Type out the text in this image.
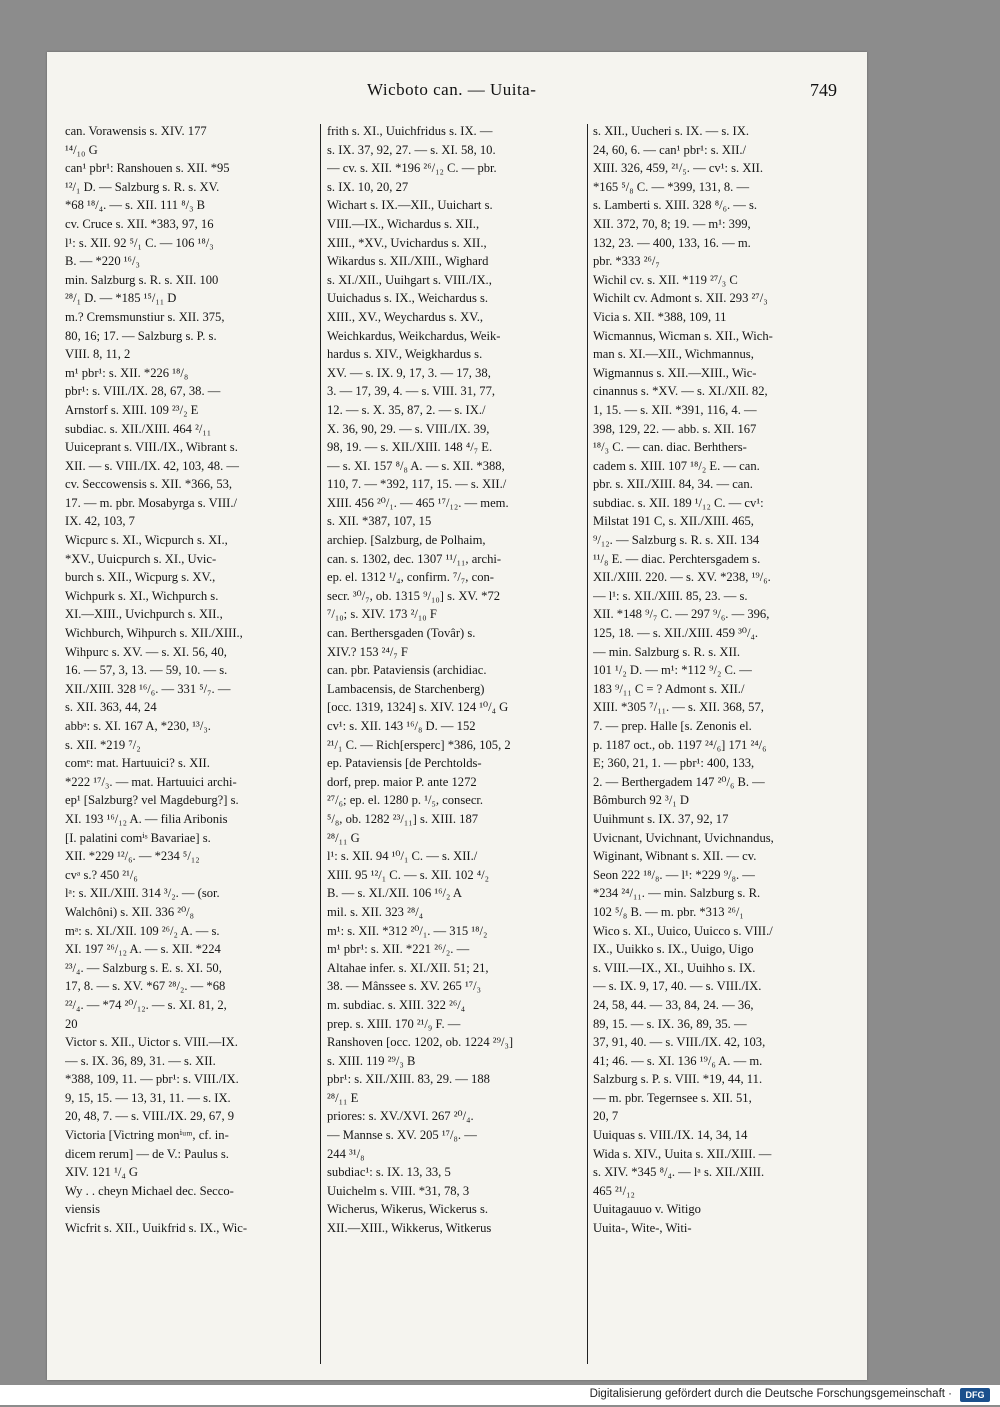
Wicboto can. — Uuita-	749
can. Vorawensis s. XIV. 177
¹⁴/₁₀ G
can¹ pbr¹: Ranshouen s. XII. *95
¹²/₁ D. — Salzburg s. R. s. XV.
*68 ¹⁸/₄. — s. XII. 111 ⁸/₃ B
cv. Cruce s. XII. *383, 97, 16
l¹: s. XII. 92 ⁵/₁ C. — 106 ¹⁸/₃
B. — *220 ¹⁶/₃
min. Salzburg s. R. s. XII. 100
²⁸/₁ D. — *185 ¹⁵/₁₁ D
m.? Cremsmunstiur s. XII. 375,
80, 16; 17. — Salzburg s. P. s.
VIII. 8, 11, 2
m¹ pbr¹: s. XII. *226 ¹⁸/₈
pbr¹: s. VIII./IX. 28, 67, 38. —
Arnstorf s. XIII. 109 ²³/₂ E
subdiac. s. XII./XIII. 464 ²/₁₁
Uuiceprant s. VIII./IX., Wibrant s.
XII. — s. VIII./IX. 42, 103, 48. —
cv. Seccowensis s. XII. *366, 53,
17. — m. pbr. Mosabyrga s. VIII./
IX. 42, 103, 7
Wicpurc s. XI., Wicpurch s. XI.,
*XV., Uuicpurch s. XI., Uvic-
burch s. XII., Wicpurg s. XV.,
Wichpurk s. XI., Wichpurch s.
XI.—XIII., Uvichpurch s. XII.,
Wichburch, Wihpurch s. XII./XIII.,
Wihpurc s. XV. — s. XI. 56, 40,
16. — 57, 3, 13. — 59, 10. — s.
XII./XIII. 328 ¹⁶/₆. — 331 ⁵/₇. —
s. XII. 363, 44, 24
abbᵃ: s. XI. 167 A, *230, ¹³/₃.
s. XII. *219 ⁷/₂
comᵉ: mat. Hartuuici? s. XII.
*222 ¹⁷/₃. — mat. Hartuuici archi-
ep¹ [Salzburg? vel Magdeburg?] s.
XI. 193 ¹⁶/₁₂ A. — filia Aribonis
[I. palatini comⁱˢ Bavariae] s.
XII. *229 ¹²/₆. — *234 ⁵/₁₂
cvᵃ s.? 450 ²¹/₆
lᵃ: s. XII./XIII. 314 ³/₂. — (sor.
Walchôni) s. XII. 336 ²⁰/₈
mᵃ: s. XI./XII. 109 ²⁶/₂ A. — s.
XI. 197 ²⁶/₁₂ A. — s. XII. *224
²³/₄. — Salzburg s. E. s. XI. 50,
17, 8. — s. XV. *67 ²⁸/₂. — *68
²²/₄. — *74 ²⁰/₁₂. — s. XI. 81, 2,
20
Victor s. XII., Uictor s. VIII.—IX.
— s. IX. 36, 89, 31. — s. XII.
*388, 109, 11. — pbr¹: s. VIII./IX.
9, 15, 15. — 13, 31, 11. — s. IX.
20, 48, 7. — s. VIII./IX. 29, 67, 9
Victoria [Victring monⁱᵘᵐ, cf. in-
dicem rerum] — de V.: Paulus s.
XIV. 121 ¹/₄ G
Wy . . cheyn Michael dec. Secco-
viensis
Wicfrit s. XII., Uuikfrid s. IX., Wic-
frith s. XI., Uuichfridus s. IX. —
s. IX. 37, 92, 27. — s. XI. 58, 10.
— cv. s. XII. *196 ²⁶/₁₂ C. — pbr.
s. IX. 10, 20, 27
Wichart s. IX.—XII., Uuichart s.
VIII.—IX., Wichardus s. XII.,
XIII., *XV., Uvichardus s. XII.,
Wikardus s. XII./XIII., Wighard
s. XI./XII., Uuihgart s. VIII./IX.,
Uuichadus s. IX., Weichardus s.
XIII., XV., Weychardus s. XV.,
Weichkardus, Weikchardus, Weik-
hardus s. XIV., Weigkhardus s.
XV. — s. IX. 9, 17, 3. — 17, 38,
3. — 17, 39, 4. — s. VIII. 31, 77,
12. — s. X. 35, 87, 2. — s. IX./
X. 36, 90, 29. — s. VIII./IX. 39,
98, 19. — s. XII./XIII. 148 ⁴/₇ E.
— s. XI. 157 ⁸/₈ A. — s. XII. *388,
110, 7. — *392, 117, 15. — s. XII./
XIII. 456 ²⁰/₁. — 465 ¹⁷/₁₂. — mem.
s. XII. *387, 107, 15
archiep. [Salzburg, de Polhaim,
can. s. 1302, dec. 1307 ¹¹/₁₁, archi-
ep. el. 1312 ¹/₄, confirm. ⁷/₇, con-
secr. ³⁰/₇, ob. 1315 ⁹/₁₀] s. XV. *72
⁷/₁₀; s. XIV. 173 ²/₁₀ F
can. Berthersgaden (Tovâr) s.
XIV.? 153 ²⁴/₇ F
can. pbr. Pataviensis (archidiac.
Lambacensis, de Starchenberg)
[occ. 1319, 1324] s. XIV. 124 ¹⁰/₄ G
cv¹: s. XII. 143 ¹⁶/₈ D. — 152
²¹/₁ C. — Rich[ersperc] *386, 105, 2
ep. Pataviensis [de Perchtolds-
dorf, prep. maior P. ante 1272
²⁷/₆; ep. el. 1280 p. ¹/₅, consecr.
⁵/₈, ob. 1282 ²³/₁₁] s. XIII. 187
²⁸/₁₁ G
l¹: s. XII. 94 ¹⁰/₁ C. — s. XII./
XIII. 95 ¹²/₁ C. — s. XII. 102 ⁴/₂
B. — s. XI./XII. 106 ¹⁶/₂ A
mil. s. XII. 323 ²⁸/₄
m¹: s. XII. *312 ²⁰/₁. — 315 ¹⁸/₂
m¹ pbr¹: s. XII. *221 ²⁶/₂. —
Altahae infer. s. XI./XII. 51; 21,
38. — Mânssee s. XV. 265 ¹⁷/₃
m. subdiac. s. XIII. 322 ²⁶/₄
prep. s. XIII. 170 ²¹/₉ F. —
Ranshoven [occ. 1202, ob. 1224 ²⁹/₃]
s. XIII. 119 ²⁹/₃ B
pbr¹: s. XII./XIII. 83, 29. — 188
²⁸/₁₁ E
priores: s. XV./XVI. 267 ²⁰/₄.
— Mannse s. XV. 205 ¹⁷/₈. —
244 ³¹/₈
subdiac¹: s. IX. 13, 33, 5
Uuichelm s. VIII. *31, 78, 3
Wicherus, Wikerus, Wickerus s.
XII.—XIII., Wikkerus, Witkerus
s. XII., Uucheri s. IX. — s. IX.
24, 60, 6. — can¹ pbr¹: s. XII./
XIII. 326, 459, ²¹/₅. — cv¹: s. XII.
*165 ⁵/₈ C. — *399, 131, 8. —
s. Lamberti s. XIII. 328 ⁸/₆. — s.
XII. 372, 70, 8; 19. — m¹: 399,
132, 23. — 400, 133, 16. — m.
pbr. *333 ²⁶/₇
Wichil cv. s. XII. *119 ²⁷/₃ C
Wichilt cv. Admont s. XII. 293 ²⁷/₃
Vicia s. XII. *388, 109, 11
Wicmannus, Wicman s. XII., Wich-
man s. XI.—XII., Wichmannus,
Wigmannus s. XII.—XIII., Wic-
cinannus s. *XV. — s. XI./XII. 82,
1, 15. — s. XII. *391, 116, 4. —
398, 129, 22. — abb. s. XII. 167
¹⁸/₃ C. — can. diac. Berhthers-
cadem s. XIII. 107 ¹⁸/₂ E. — can.
pbr. s. XII./XIII. 84, 34. — can.
subdiac. s. XII. 189 ¹/₁₂ C. — cv¹:
Milstat 191 C, s. XII./XIII. 465,
⁹/₁₂. — Salzburg s. R. s. XII. 134
¹¹/₈ E. — diac. Perchtersgadem s.
XII./XIII. 220. — s. XV. *238, ¹⁹/₆.
— l¹: s. XII./XIII. 85, 23. — s.
XII. *148 ⁹/₇ C. — 297 ⁹/₆. — 396,
125, 18. — s. XII./XIII. 459 ³⁰/₄.
— min. Salzburg s. R. s. XII.
101 ¹/₂ D. — m¹: *112 ⁹/₂ C. —
183 ⁹/₁₁ C = ? Admont s. XII./
XIII. *305 ⁷/₁₁. — s. XII. 368, 57,
7. — prep. Halle [s. Zenonis el.
p. 1187 oct., ob. 1197 ²⁴/₆] 171 ²⁴/₆
E; 360, 21, 1. — pbr¹: 400, 133,
2. — Berthergadem 147 ²⁰/₆ B. —
Bômburch 92 ³/₁ D
Uuihmunt s. IX. 37, 92, 17
Uvicnant, Uvichnant, Uvichnandus,
Wiginant, Wibnant s. XII. — cv.
Seon 222 ¹⁸/₈. — l¹: *229 ⁹/₈. —
*234 ²⁴/₁₁. — min. Salzburg s. R.
102 ⁵/₈ B. — m. pbr. *313 ²⁶/₁
Wico s. XI., Uuico, Uuicco s. VIII./
IX., Uuikko s. IX., Uuigo, Uigo
s. VIII.—IX., XI., Uuihho s. IX.
— s. IX. 9, 17, 40. — s. VIII./IX.
24, 58, 44. — 33, 84, 24. — 36,
89, 15. — s. IX. 36, 89, 35. —
37, 91, 40. — s. VIII./IX. 42, 103,
41; 46. — s. XI. 136 ¹⁹/₆ A. — m.
Salzburg s. P. s. VIII. *19, 44, 11.
— m. pbr. Tegernsee s. XII. 51,
20, 7
Uuiquas s. VIII./IX. 14, 34, 14
Wida s. XIV., Uuita s. XII./XIII. —
s. XIV. *345 ⁸/₄. — lᵃ s. XII./XIII.
465 ²¹/₁₂
Uuitagauuo v. Witigo
Uuita-, Wite-, Witi-
Digitalisierung gefördert durch die Deutsche Forschungsgemeinschaft ·	DFG
